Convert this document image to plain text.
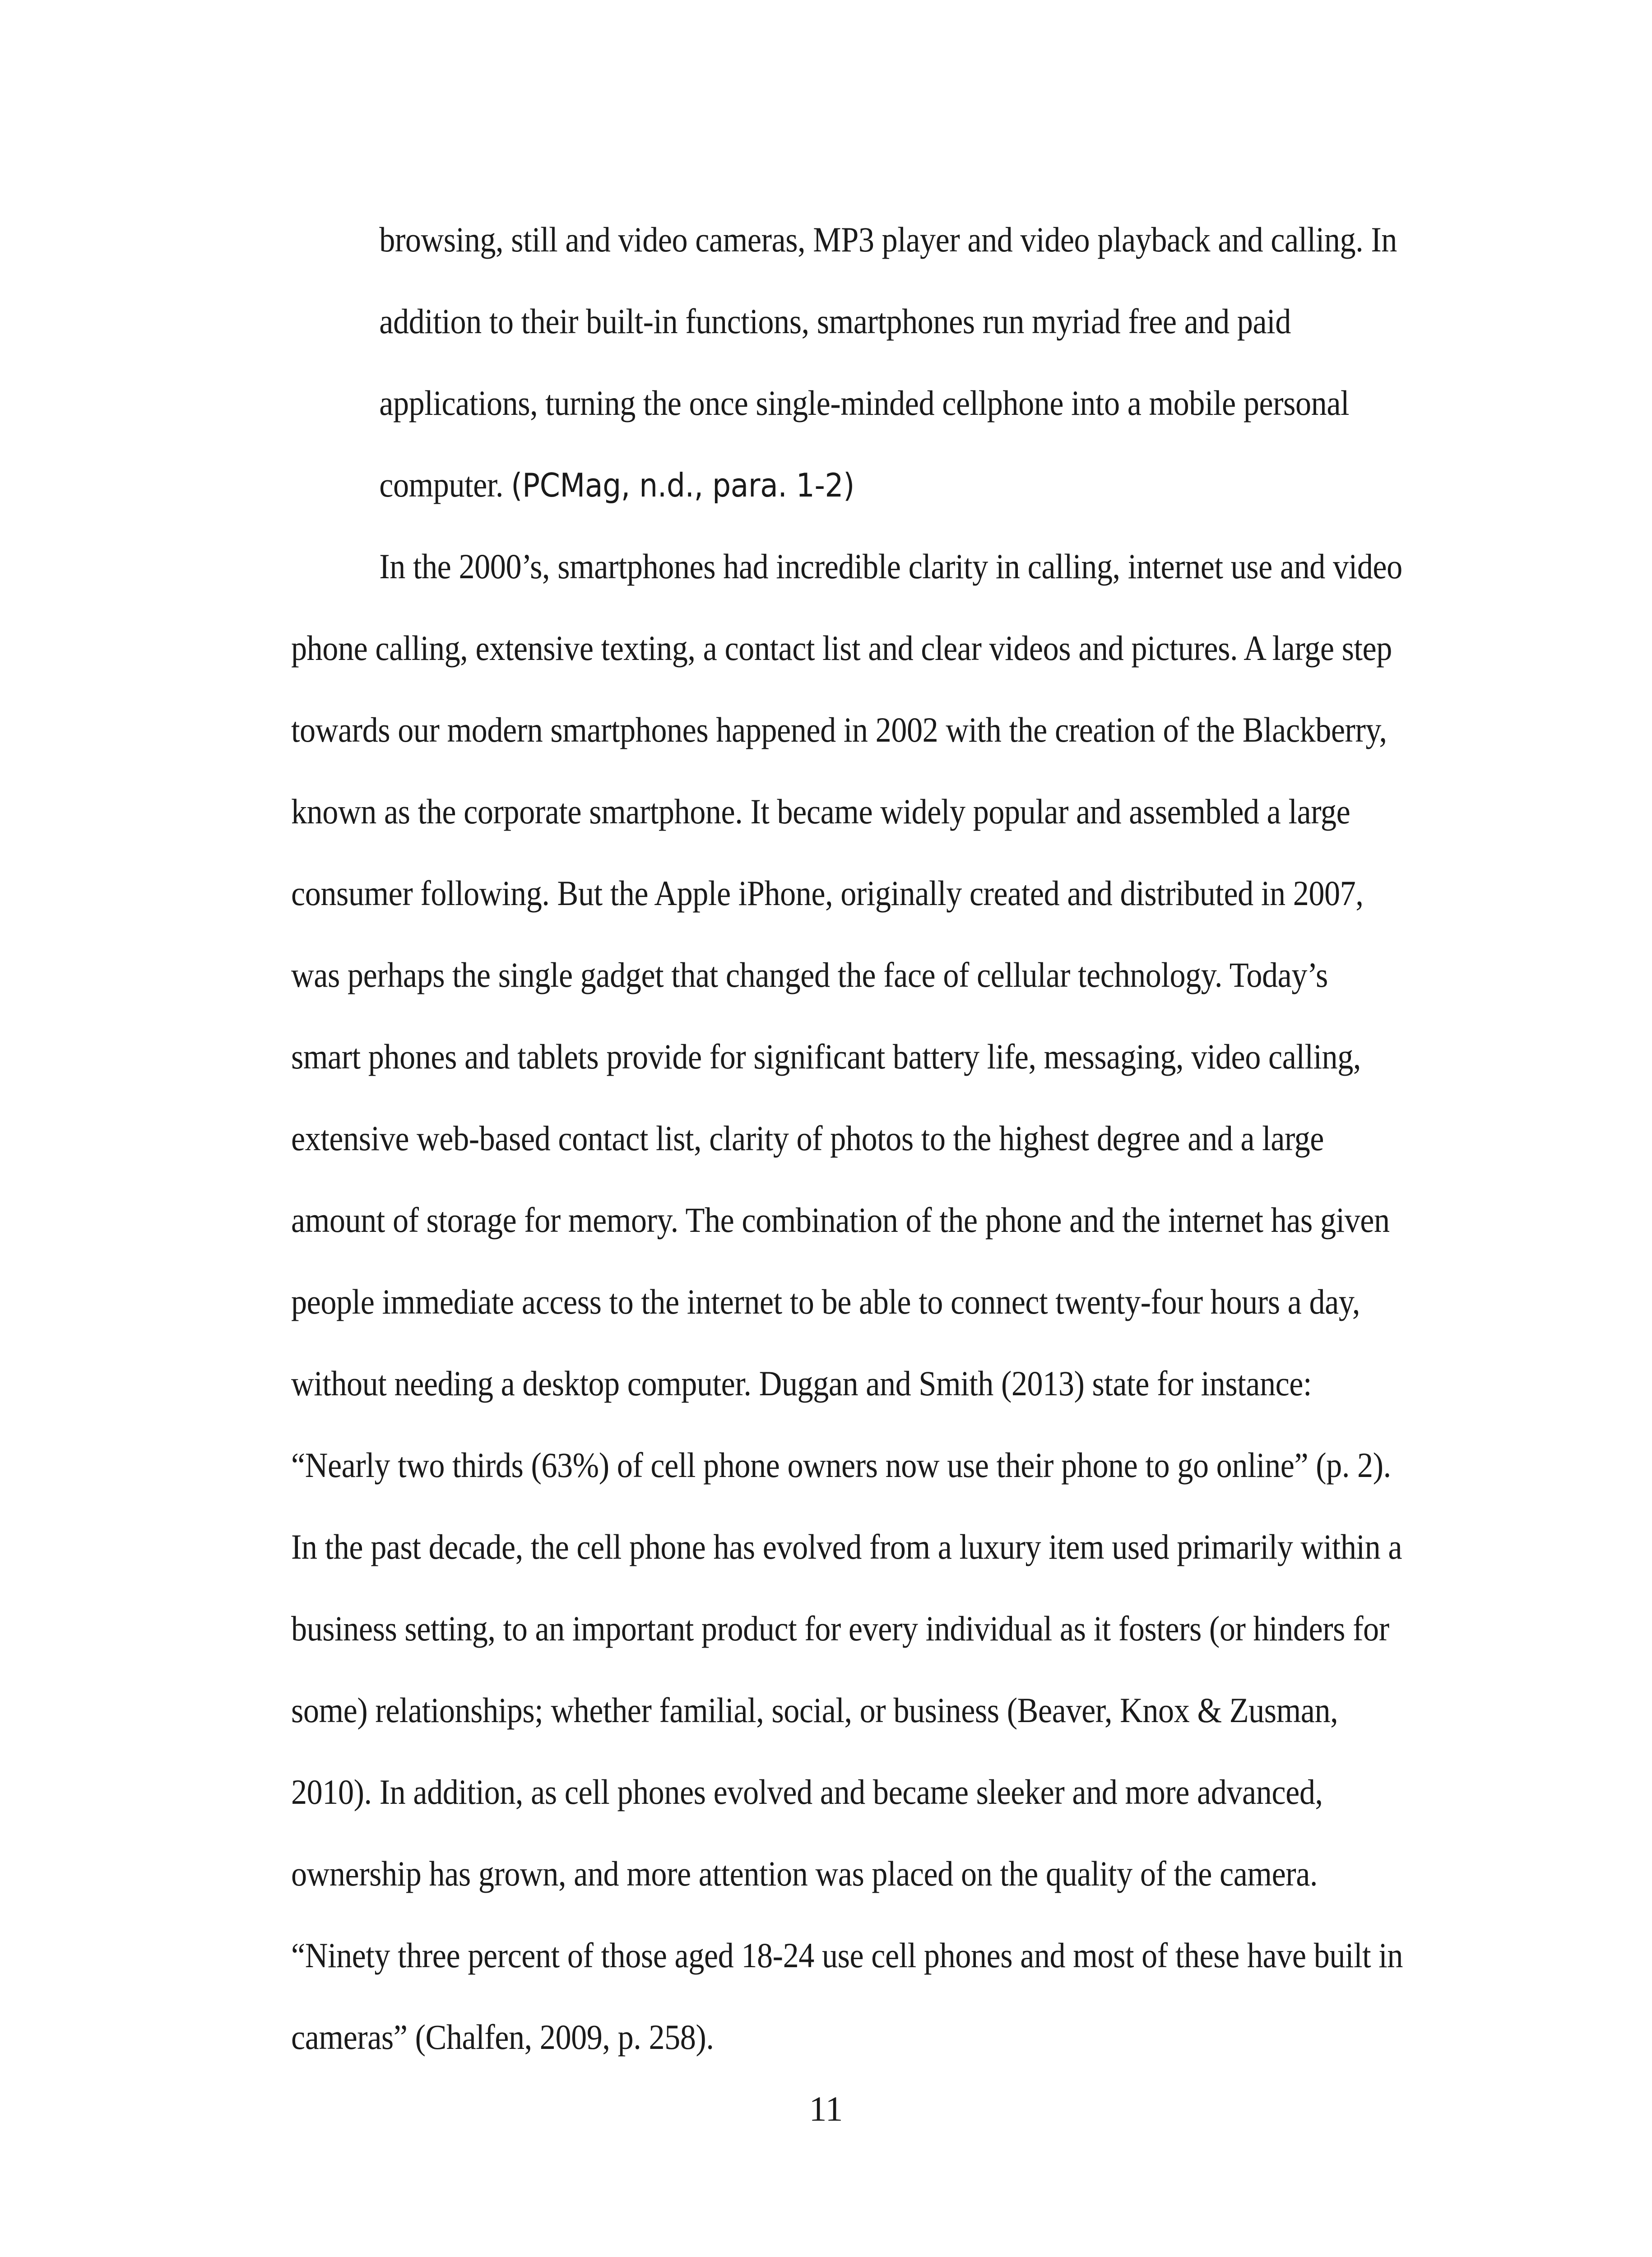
browsing, still and video cameras, MP3 player and video playback and calling. In
addition to their built-in functions, smartphones run myriad free and paid
applications, turning the once single-minded cellphone into a mobile personal
computer. (PCMag, n.d., para. 1-2)
In the 2000’s, smartphones had incredible clarity in calling, internet use and video
phone calling, extensive texting, a contact list and clear videos and pictures. A large step
towards our modern smartphones happened in 2002 with the creation of the Blackberry,
known as the corporate smartphone. It became widely popular and assembled a large
consumer following. But the Apple iPhone, originally created and distributed in 2007,
was perhaps the single gadget that changed the face of cellular technology. Today’s
smart phones and tablets provide for significant battery life, messaging, video calling,
extensive web-based contact list, clarity of photos to the highest degree and a large
amount of storage for memory. The combination of the phone and the internet has given
people immediate access to the internet to be able to connect twenty-four hours a day,
without needing a desktop computer. Duggan and Smith (2013) state for instance:
“Nearly two thirds (63%) of cell phone owners now use their phone to go online” (p. 2).
In the past decade, the cell phone has evolved from a luxury item used primarily within a
business setting, to an important product for every individual as it fosters (or hinders for
some) relationships; whether familial, social, or business (Beaver, Knox & Zusman,
2010). In addition, as cell phones evolved and became sleeker and more advanced,
ownership has grown, and more attention was placed on the quality of the camera.
“Ninety three percent of those aged 18-24 use cell phones and most of these have built in
cameras” (Chalfen, 2009, p. 258).
11
